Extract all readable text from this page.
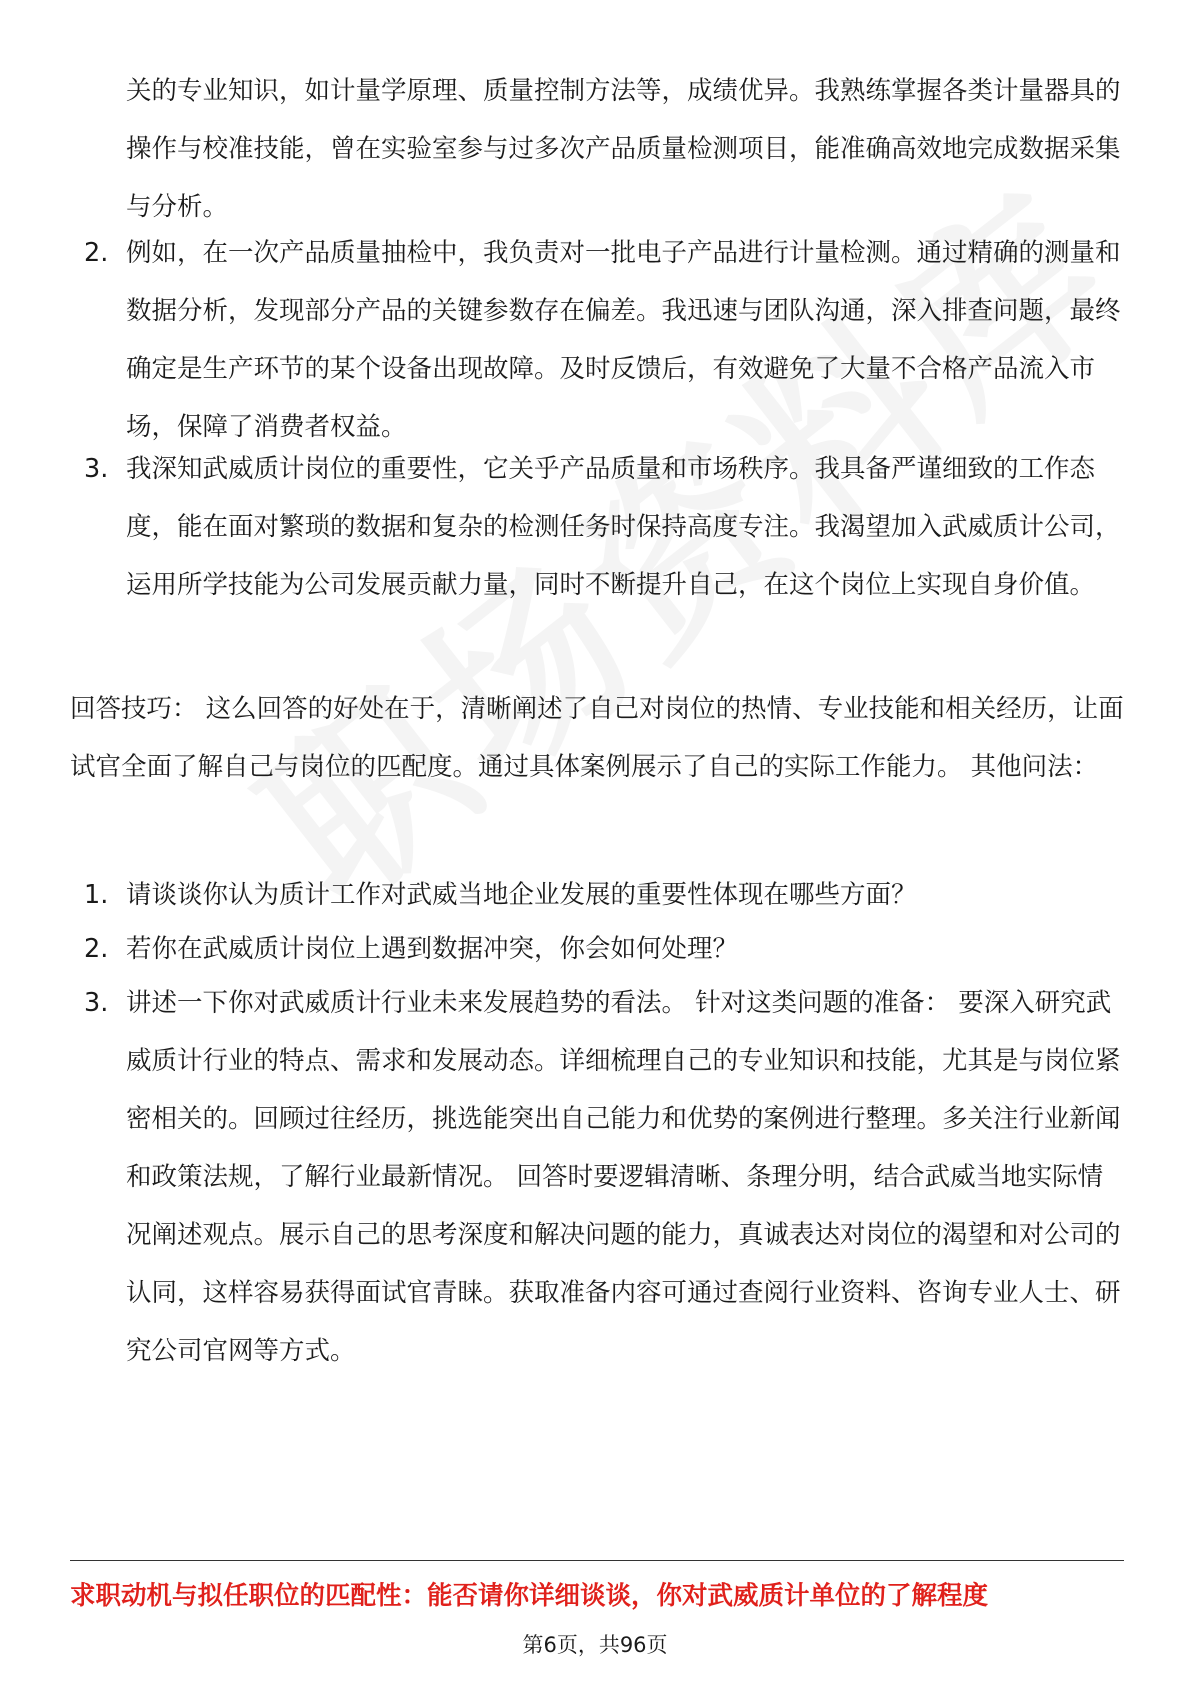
关的专业知识，如计量学原理、质量控制方法等，成绩优异。我熟练掌握各类计量器具的操作与校准技能，曾在实验室参与过多次产品质量检测项目，能准确高效地完成数据采集与分析。

2. 例如，在一次产品质量抽检中，我负责对一批电子产品进行计量检测。通过精确的测量和数据分析，发现部分产品的关键参数存在偏差。我迅速与团队沟通，深入排查问题，最终确定是生产环节的某个设备出现故障。及时反馈后，有效避免了大量不合格产品流入市场，保障了消费者权益。
3. 我深知武威质计岗位的重要性，它关乎产品质量和市场秩序。我具备严谨细致的工作态度，能在面对繁琐的数据和复杂的检测任务时保持高度专注。我渴望加入武威质计公司，运用所学技能为公司发展贡献力量，同时不断提升自己，在这个岗位上实现自身价值。

回答技巧： 这么回答的好处在于，清晰阐述了自己对岗位的热情、专业技能和相关经历，让面试官全面了解自己与岗位的匹配度。通过具体案例展示了自己的实际工作能力。 其他问法：

1. 请谈谈你认为质计工作对武威当地企业发展的重要性体现在哪些方面？
2. 若你在武威质计岗位上遇到数据冲突，你会如何处理？
3. 讲述一下你对武威质计行业未来发展趋势的看法。 针对这类问题的准备： 要深入研究武威质计行业的特点、需求和发展动态。详细梳理自己的专业知识和技能，尤其是与岗位紧密相关的。回顾过往经历，挑选能突出自己能力和优势的案例进行整理。多关注行业新闻和政策法规，了解行业最新情况。 回答时要逻辑清晰、条理分明，结合武威当地实际情况阐述观点。展示自己的思考深度和解决问题的能力，真诚表达对岗位的渴望和对公司的认同，这样容易获得面试官青睐。获取准备内容可通过查阅行业资料、咨询专业人士、研究公司官网等方式。
求职动机与拟任职位的匹配性：能否请你详细谈谈，你对武威质计单位的了解程度
第6页，共96页
